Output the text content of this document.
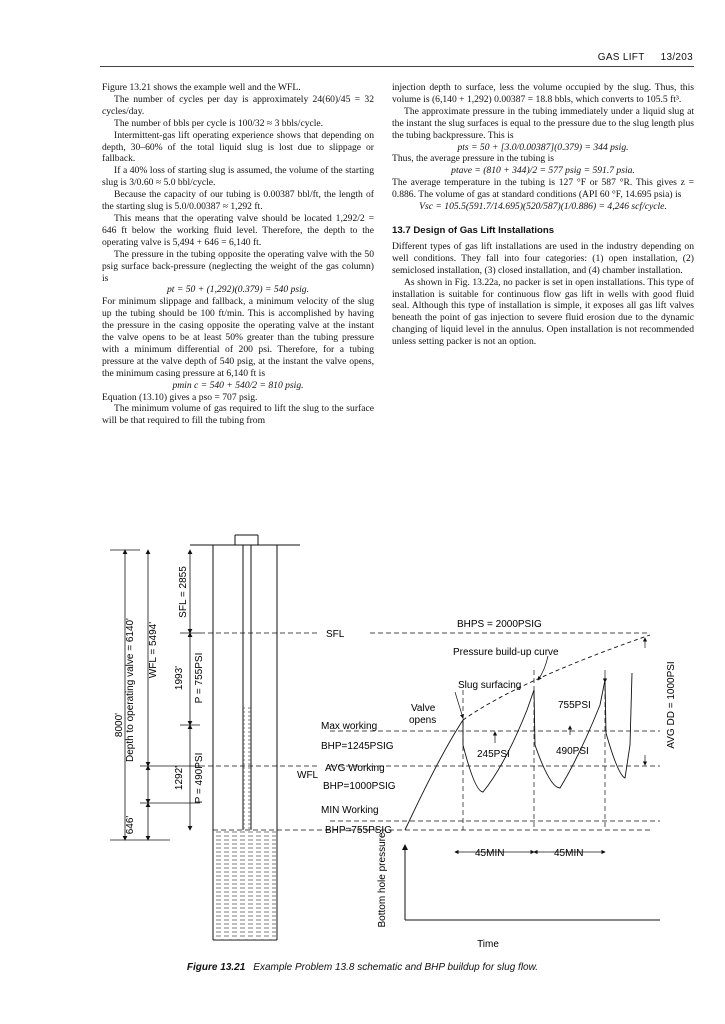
GAS LIFT 13/203

Figure 13.21 shows the example well and the WFL.

The number of cycles per day is approximately 24(60)/45 = 32 cycles/day.

The number of bbls per cycle is 100/32 ≈ 3 bbls/cycle.

Intermittent-gas lift operating experience shows that depending on depth, 30–60% of the total liquid slug is lost due to slippage or fallback.

If a 40% loss of starting slug is assumed, the volume of the starting slug is 3/0.60 ≈ 5.0 bbl/cycle.

Because the capacity of our tubing is 0.00387 bbl/ft, the length of the starting slug is 5.0/0.00387 ≈ 1,292 ft.

This means that the operating valve should be located 1,292/2 = 646 ft below the working fluid level. Therefore, the depth to the operating valve is 5,494 + 646 = 6,140 ft.

The pressure in the tubing opposite the operating valve with the 50 psig surface back-pressure (neglecting the weight of the gas column) is

pt = 50 + (1,292)(0.379) = 540 psig.

For minimum slippage and fallback, a minimum velocity of the slug up the tubing should be 100 ft/min. This is accomplished by having the pressure in the casing opposite the operating valve at the instant the valve opens to be at least 50% greater than the tubing pressure with a minimum differential of 200 psi. Therefore, for a tubing pressure at the valve depth of 540 psig, at the instant the valve opens, the minimum casing pressure at 6,140 ft is

pmin c = 540 + 540/2 = 810 psig.

Equation (13.10) gives a pso = 707 psig.

The minimum volume of gas required to lift the slug to the surface will be that required to fill the tubing from

injection depth to surface, less the volume occupied by the slug. Thus, this volume is (6,140 + 1,292) 0.00387 = 18.8 bbls, which converts to 105.5 ft³.

The approximate pressure in the tubing immediately under a liquid slug at the instant the slug surfaces is equal to the pressure due to the slug length plus the tubing backpressure. This is

pts = 50 + [3.0/0.00387](0.379) = 344 psig.

Thus, the average pressure in the tubing is

ptave = (810 + 344)/2 = 577 psig = 591.7 psia.

The average temperature in the tubing is 127 °F or 587 °R. This gives z = 0.886. The volume of gas at standard conditions (API 60 °F, 14.695 psia) is

Vsc = 105.5(591.7/14.695)(520/587)(1/0.886) = 4,246 scf/cycle.

13.7 Design of Gas Lift Installations

Different types of gas lift installations are used in the industry depending on well conditions. They fall into four categories: (1) open installation, (2) semiclosed installation, (3) closed installation, and (4) chamber installation.

As shown in Fig. 13.22a, no packer is set in open installations. This type of installation is suitable for continuous flow gas lift in wells with good fluid seal. Although this type of installation is simple, it exposes all gas lift valves beneath the point of gas injection to severe fluid erosion due to the dynamic changing of liquid level in the annulus. Open installation is not recommended unless setting packer is not an option.

8000' Depth to operating valve = 6140'
646'
WFL = 5494'
SFL = 2855
1993' P = 755PSI
1292' P = 490PSI
SFL
WFL
Max working
BHP=1245PSIG
AVG Working
BHP=1000PSIG
MIN Working
BHP=755PSIG
Bottom hole pressure
Time
BHPS = 2000PSIG
Pressure build-up curve
Slug surfacing
Valve
opens
755PSI
490PSI
245PSI
AVG DD = 1000PSI
45MIN	45MIN
Figure 13.21 Example Problem 13.8 schematic and BHP buildup for slug flow.
